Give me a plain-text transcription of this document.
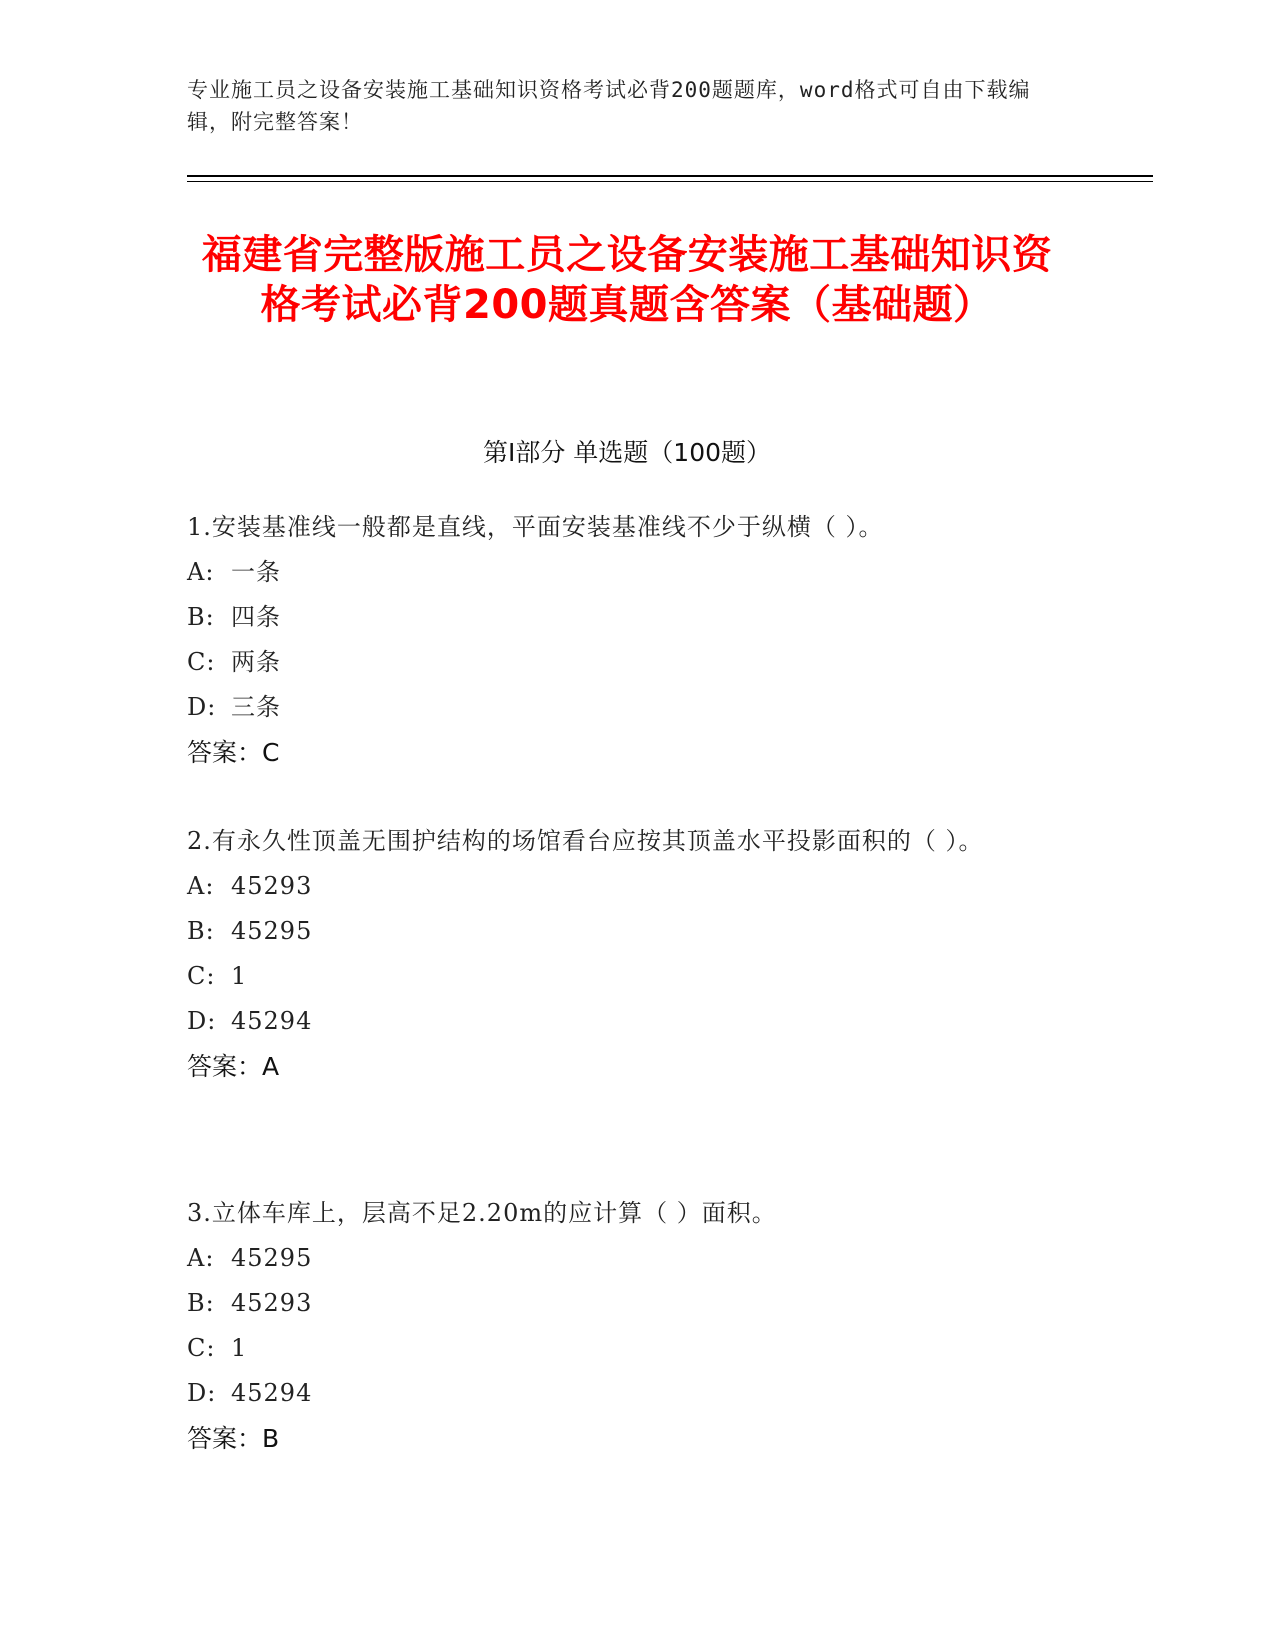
专业施工员之设备安装施工基础知识资格考试必背200题题库，word格式可自由下载编辑，附完整答案！
福建省完整版施工员之设备安装施工基础知识资格考试必背200题真题含答案（基础题）
第I部分 单选题（100题）
1.安装基准线一般都是直线，平面安装基准线不少于纵横（ ）。
A: 一条
B: 四条
C: 两条
D: 三条
答案：C
2.有永久性顶盖无围护结构的场馆看台应按其顶盖水平投影面积的（ ）。
A: 45293
B: 45295
C: 1
D: 45294
答案：A
3.立体车库上，层高不足2.20m的应计算（ ）面积。
A: 45295
B: 45293
C: 1
D: 45294
答案：B
